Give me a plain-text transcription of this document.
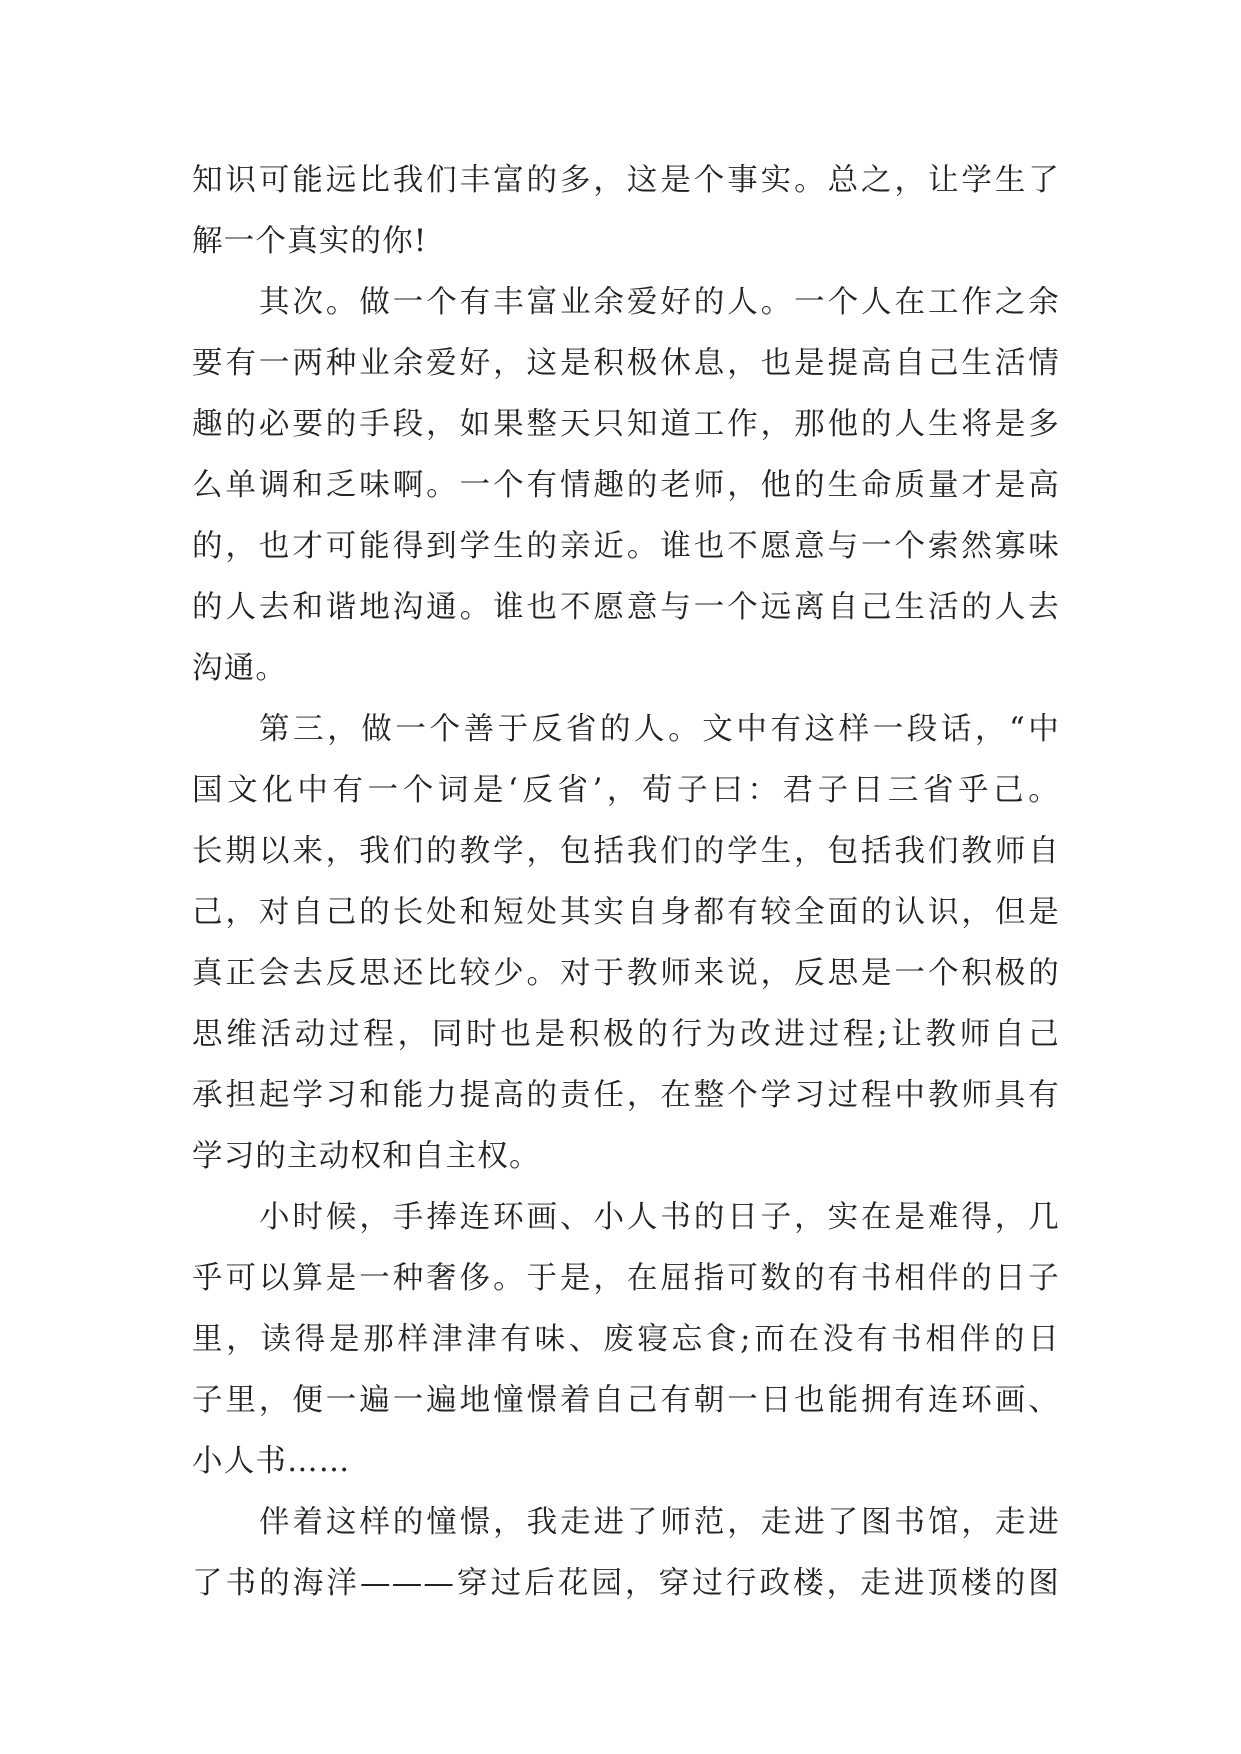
知识可能远比我们丰富的多，这是个事实。总之，让学生了
解一个真实的你!
其次。做一个有丰富业余爱好的人。一个人在工作之余
要有一两种业余爱好，这是积极休息，也是提高自己生活情
趣的必要的手段，如果整天只知道工作，那他的人生将是多
么单调和乏味啊。一个有情趣的老师，他的生命质量才是高
的，也才可能得到学生的亲近。谁也不愿意与一个索然寡味
的人去和谐地沟通。谁也不愿意与一个远离自己生活的人去
沟通。
第三，做一个善于反省的人。文中有这样一段话，“中
国文化中有一个词是‘反省’，荀子曰：君子日三省乎己。
长期以来，我们的教学，包括我们的学生，包括我们教师自
己，对自己的长处和短处其实自身都有较全面的认识，但是
真正会去反思还比较少。对于教师来说，反思是一个积极的
思维活动过程，同时也是积极的行为改进过程;让教师自己
承担起学习和能力提高的责任，在整个学习过程中教师具有
学习的主动权和自主权。
小时候，手捧连环画、小人书的日子，实在是难得，几
乎可以算是一种奢侈。于是，在屈指可数的有书相伴的日子
里，读得是那样津津有味、废寝忘食;而在没有书相伴的日
子里，便一遍一遍地憧憬着自己有朝一日也能拥有连环画、
小人书……
伴着这样的憧憬，我走进了师范，走进了图书馆，走进
了书的海洋———穿过后花园，穿过行政楼，走进顶楼的图
